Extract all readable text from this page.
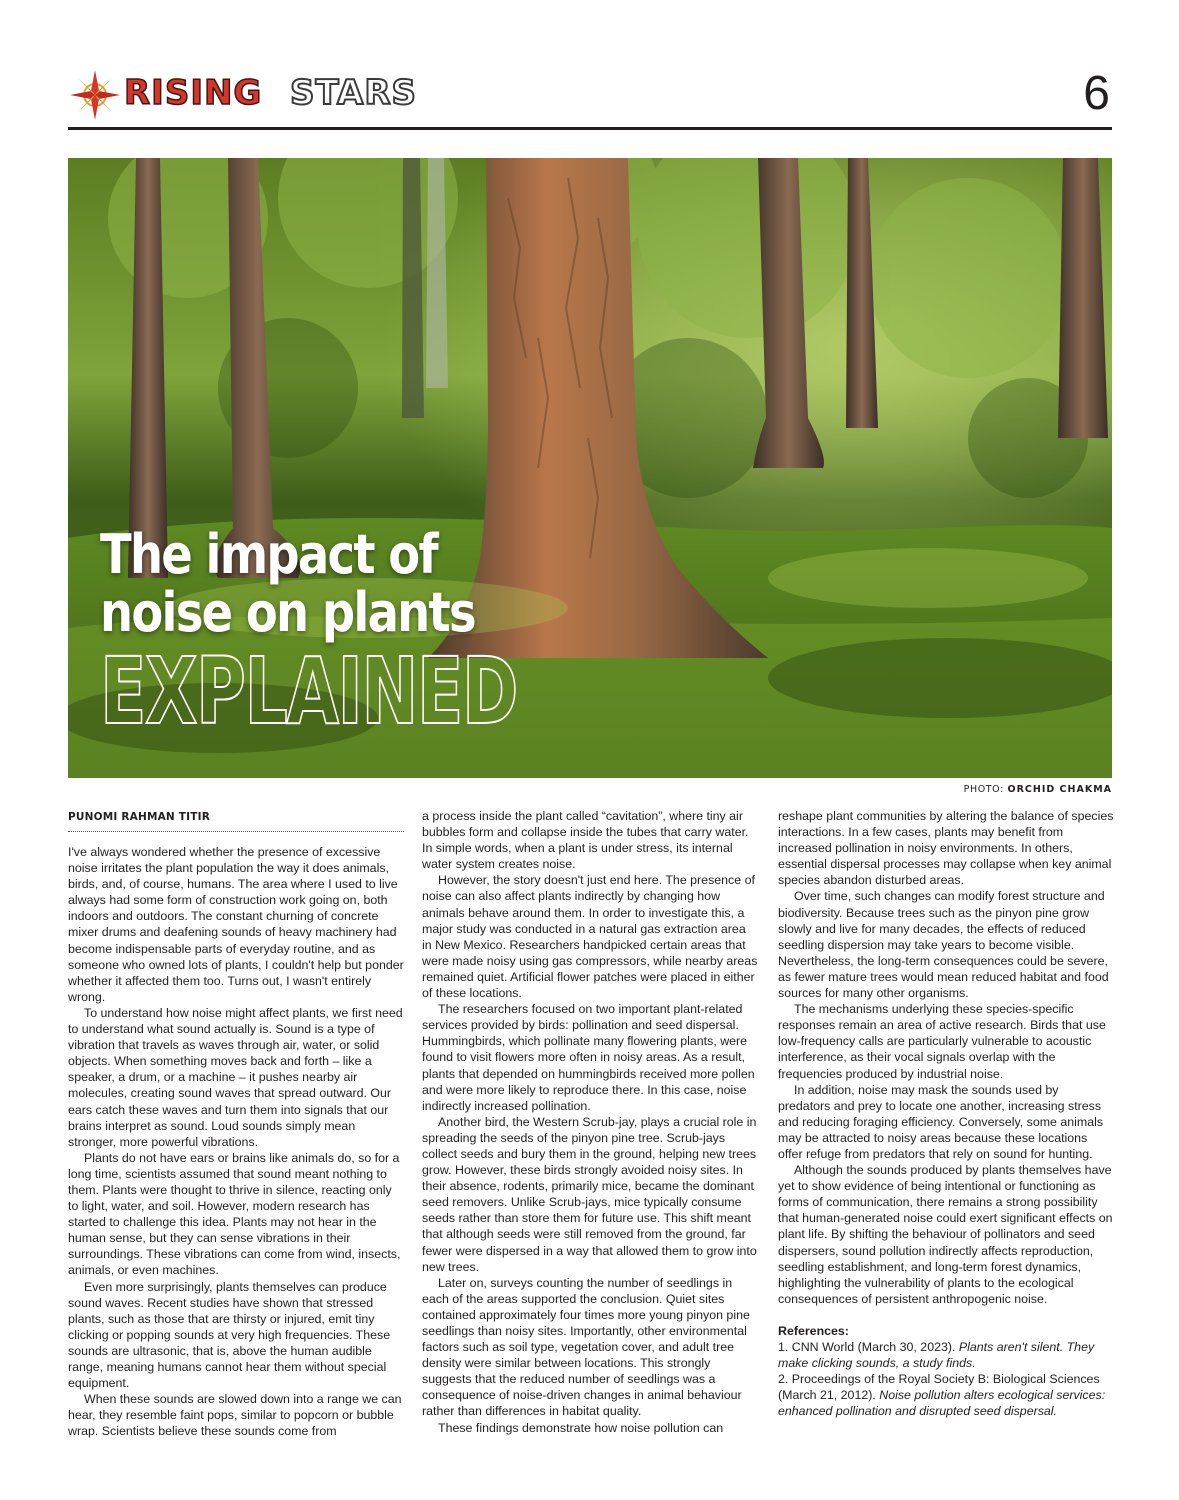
RISING STARS	6
The impact of
noise on plants
EXPLAINED
PHOTO: ORCHID CHAKMA
PUNOMI RAHMAN TITIR

I've always wondered whether the presence of excessive noise irritates the plant population the way it does animals, birds, and, of course, humans. The area where I used to live always had some form of construction work going on, both indoors and outdoors. The constant churning of concrete mixer drums and deafening sounds of heavy machinery had become indispensable parts of everyday routine, and as someone who owned lots of plants, I couldn't help but ponder whether it affected them too. Turns out, I wasn't entirely wrong.

To understand how noise might affect plants, we first need to understand what sound actually is. Sound is a type of vibration that travels as waves through air, water, or solid objects. When something moves back and forth – like a speaker, a drum, or a machine – it pushes nearby air molecules, creating sound waves that spread outward. Our ears catch these waves and turn them into signals that our brains interpret as sound. Loud sounds simply mean stronger, more powerful vibrations.

Plants do not have ears or brains like animals do, so for a long time, scientists assumed that sound meant nothing to them. Plants were thought to thrive in silence, reacting only to light, water, and soil. However, modern research has started to challenge this idea. Plants may not hear in the human sense, but they can sense vibrations in their surroundings. These vibrations can come from wind, insects, animals, or even machines.

Even more surprisingly, plants themselves can produce sound waves. Recent studies have shown that stressed plants, such as those that are thirsty or injured, emit tiny clicking or popping sounds at very high frequencies. These sounds are ultrasonic, that is, above the human audible range, meaning humans cannot hear them without special equipment.

When these sounds are slowed down into a range we can hear, they resemble faint pops, similar to popcorn or bubble wrap. Scientists believe these sounds come from

a process inside the plant called “cavitation”, where tiny air bubbles form and collapse inside the tubes that carry water. In simple words, when a plant is under stress, its internal water system creates noise.

However, the story doesn't just end here. The presence of noise can also affect plants indirectly by changing how animals behave around them. In order to investigate this, a major study was conducted in a natural gas extraction area in New Mexico. Researchers handpicked certain areas that were made noisy using gas compressors, while nearby areas remained quiet. Artificial flower patches were placed in either of these locations.

The researchers focused on two important plant-related services provided by birds: pollination and seed dispersal. Hummingbirds, which pollinate many flowering plants, were found to visit flowers more often in noisy areas. As a result, plants that depended on hummingbirds received more pollen and were more likely to reproduce there. In this case, noise indirectly increased pollination.

Another bird, the Western Scrub-jay, plays a crucial role in spreading the seeds of the pinyon pine tree. Scrub-jays collect seeds and bury them in the ground, helping new trees grow. However, these birds strongly avoided noisy sites. In their absence, rodents, primarily mice, became the dominant seed removers. Unlike Scrub-jays, mice typically consume seeds rather than store them for future use. This shift meant that although seeds were still removed from the ground, far fewer were dispersed in a way that allowed them to grow into new trees.

Later on, surveys counting the number of seedlings in each of the areas supported the conclusion. Quiet sites contained approximately four times more young pinyon pine seedlings than noisy sites. Importantly, other environmental factors such as soil type, vegetation cover, and adult tree density were similar between locations. This strongly suggests that the reduced number of seedlings was a consequence of noise-driven changes in animal behaviour rather than differences in habitat quality.

These findings demonstrate how noise pollution can

reshape plant communities by altering the balance of species interactions. In a few cases, plants may benefit from increased pollination in noisy environments. In others, essential dispersal processes may collapse when key animal species abandon disturbed areas.

Over time, such changes can modify forest structure and biodiversity. Because trees such as the pinyon pine grow slowly and live for many decades, the effects of reduced seedling dispersion may take years to become visible. Nevertheless, the long-term consequences could be severe, as fewer mature trees would mean reduced habitat and food sources for many other organisms.

The mechanisms underlying these species-specific responses remain an area of active research. Birds that use low-frequency calls are particularly vulnerable to acoustic interference, as their vocal signals overlap with the frequencies produced by industrial noise.

In addition, noise may mask the sounds used by predators and prey to locate one another, increasing stress and reducing foraging efficiency. Conversely, some animals may be attracted to noisy areas because these locations offer refuge from predators that rely on sound for hunting.

Although the sounds produced by plants themselves have yet to show evidence of being intentional or functioning as forms of communication, there remains a strong possibility that human-generated noise could exert significant effects on plant life. By shifting the behaviour of pollinators and seed dispersers, sound pollution indirectly affects reproduction, seedling establishment, and long-term forest dynamics, highlighting the vulnerability of plants to the ecological consequences of persistent anthropogenic noise.

References:

1. CNN World (March 30, 2023). Plants aren't silent. They make clicking sounds, a study finds.

2. Proceedings of the Royal Society B: Biological Sciences (March 21, 2012). Noise pollution alters ecological services: enhanced pollination and disrupted seed dispersal.
